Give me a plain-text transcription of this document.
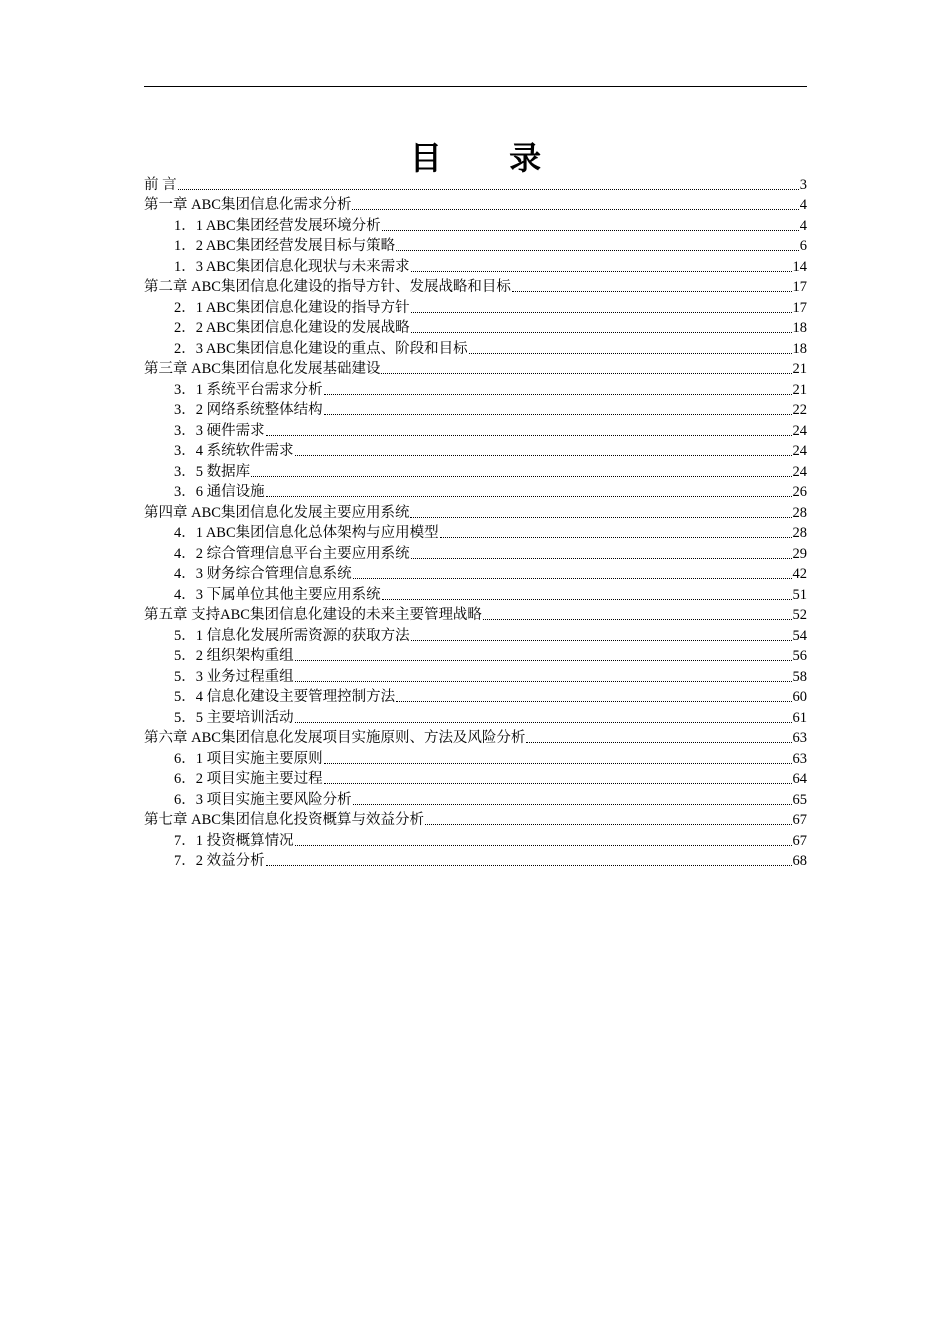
目 录
前 言	3
第一章 ABC集团信息化需求分析	4
1．1 ABC集团经营发展环境分析	4
1．2 ABC集团经营发展目标与策略	6
1．3 ABC集团信息化现状与未来需求	14
第二章 ABC集团信息化建设的指导方针、发展战略和目标	17
2．1 ABC集团信息化建设的指导方针	17
2．2 ABC集团信息化建设的发展战略	18
2．3 ABC集团信息化建设的重点、阶段和目标	18
第三章 ABC集团信息化发展基础建设	21
3．1 系统平台需求分析	21
3．2 网络系统整体结构	22
3．3 硬件需求	24
3．4 系统软件需求	24
3．5 数据库	24
3．6 通信设施	26
第四章 ABC集团信息化发展主要应用系统	28
4．1 ABC集团信息化总体架构与应用模型	28
4．2 综合管理信息平台主要应用系统	29
4．3 财务综合管理信息系统	42
4．3 下属单位其他主要应用系统	51
第五章 支持ABC集团信息化建设的未来主要管理战略	52
5．1 信息化发展所需资源的获取方法	54
5．2 组织架构重组	56
5．3 业务过程重组	58
5．4 信息化建设主要管理控制方法	60
5．5 主要培训活动	61
第六章 ABC集团信息化发展项目实施原则、方法及风险分析	63
6．1 项目实施主要原则	63
6．2 项目实施主要过程	64
6．3 项目实施主要风险分析	65
第七章 ABC集团信息化投资概算与效益分析	67
7．1 投资概算情况	67
7．2 效益分析	68
